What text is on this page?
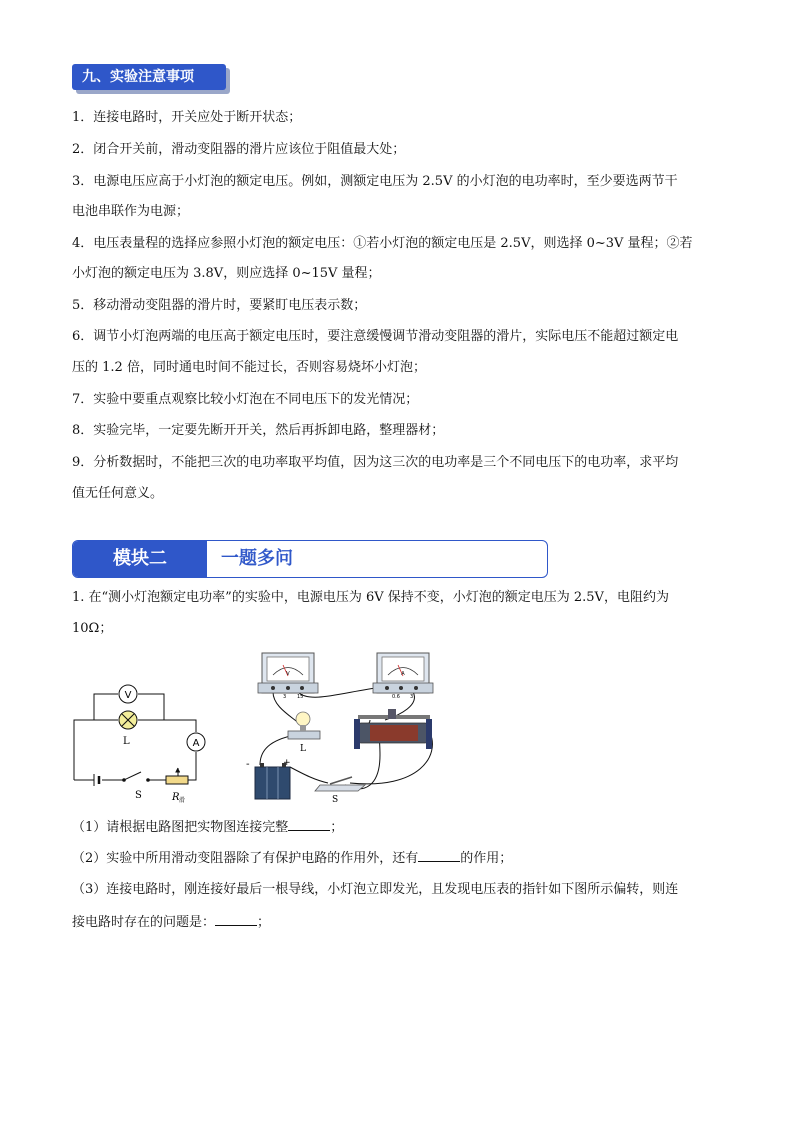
九、实验注意事项
1．连接电路时，开关应处于断开状态；
2．闭合开关前，滑动变阻器的滑片应该位于阻值最大处；
3．电源电压应高于小灯泡的额定电压。例如，测额定电压为 2.5V 的小灯泡的电功率时，至少要选两节干
电池串联作为电源；
4．电压表量程的选择应参照小灯泡的额定电压：①若小灯泡的额定电压是 2.5V，则选择 0~3V 量程；②若
小灯泡的额定电压为 3.8V，则应选择 0~15V 量程；
5．移动滑动变阻器的滑片时，要紧盯电压表示数；
6．调节小灯泡两端的电压高于额定电压时，要注意缓慢调节滑动变阻器的滑片，实际电压不能超过额定电
压的 1.2 倍，同时通电时间不能过长，否则容易烧坏小灯泡；
7．实验中要重点观察比较小灯泡在不同电压下的发光情况；
8．实验完毕，一定要先断开开关，然后再拆卸电路，整理器材；
9．分析数据时，不能把三次的电功率取平均值，因为这三次的电功率是三个不同电压下的电功率，求平均
值无任何意义。
模块二	一题多问
1. 在“测小灯泡额定电功率”的实验中，电源电压为 6V 保持不变，小灯泡的额定电压为 2.5V，电阻约为
10Ω；
V
L	A
S	R 滑
V
3 15
A
0.6 3
L
-	+
S
（1）请根据电路图把实物图连接完整	；
（2）实验中所用滑动变阻器除了有保护电路的作用外，还有	的作用；
（3）连接电路时，刚连接好最后一根导线，小灯泡立即发光，且发现电压表的指针如下图所示偏转，则连
接电路时存在的问题是：	；
